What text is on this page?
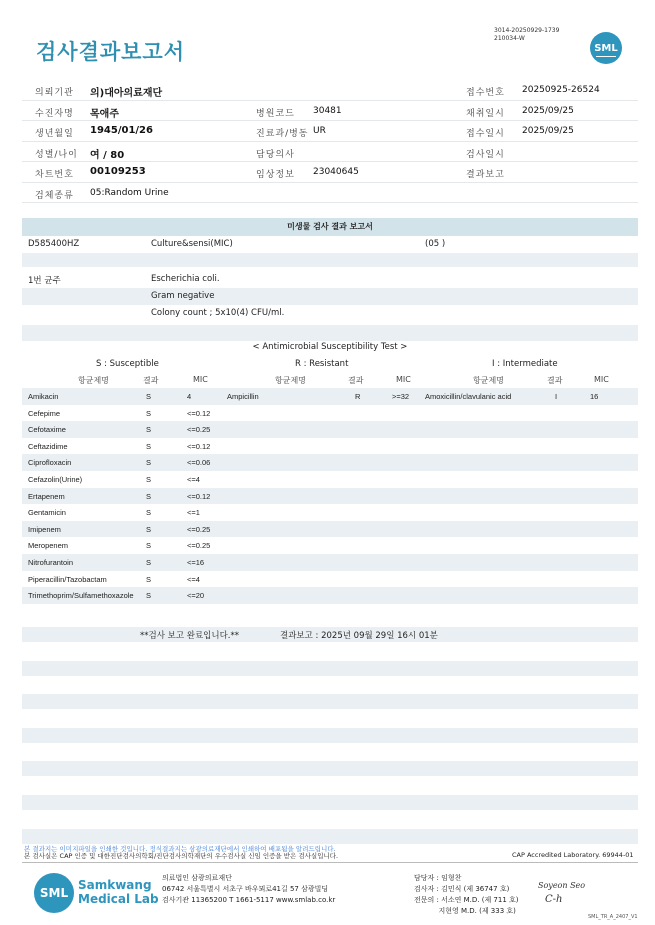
검사결과보고서
3014-20250929-1739
210034-W
SML
의뢰기관 의)대아의료재단	접수번호 20250925-26524
수진자명 목애주	병원코드 30481	채취일시 2025/09/25
생년월일 1945/01/26	진료과/병동 UR	접수일시 2025/09/25
성별/나이 여 / 80	담당의사	검사일시
차트번호 00109253	임상정보 23040645	결과보고
검체종류 05:Random Urine
미생물 검사 결과 보고서
D585400HZ	Culture&sensi(MIC)	(05 )
1번 균주	Escherichia coli.
Gram negative
Colony count ; 5x10(4) CFU/ml.
< Antimicrobial Susceptibility Test >
S : Susceptible	R : Resistant	I : Intermediate
항균제명	결과	MIC	항균제명	결과	MIC	항균제명	결과	MIC
Amikacin	S	4	Ampicillin	R	>=32 Amoxicillin/clavulanic acid	I	16
Cefepime	S	<=0.12
Cefotaxime	S	<=0.25
Ceftazidime	S	<=0.12
Ciprofloxacin	S	<=0.06
Cefazolin(Urine)	S	<=4
Ertapenem	S	<=0.12
Gentamicin	S	<=1
Imipenem	S	<=0.25
Meropenem	S	<=0.25
Nitrofurantoin	S	<=16
Piperacillin/Tazobactam	S	<=4
Trimethoprim/Sulfamethoxazole S	<=20
**검사 보고 완료입니다.**	결과보고 : 2025년 09월 29일 16시 01분
본 결과지는 이미지파일을 인쇄한 것입니다. 정식결과지는 삼광의료재단에서 인쇄하여 배포됨을 알려드립니다.
본 검사실은 CAP 인증 및 대한진단검사의학회/진단검사의학재단의 우수검사실 신임 인증을 받은 검사실입니다.	CAP Accredited Laboratory. 69944-01
SML
Samkwang
Medical Lab
의료법인 삼광의료재단
06742 서울특별시 서초구 바우뫼로41길 57 삼광빌딩
검사기관 11365200 T 1661-5117 www.smlab.co.kr
담당자 : 임형찬
검사자 : 김민식 (제 36747 호)
전문의 : 서소연 M.D. (제 711 호)
지현영 M.D. (제 333 호)
Soyeon Seo
C-h
SML_TR_A_2407_V1
